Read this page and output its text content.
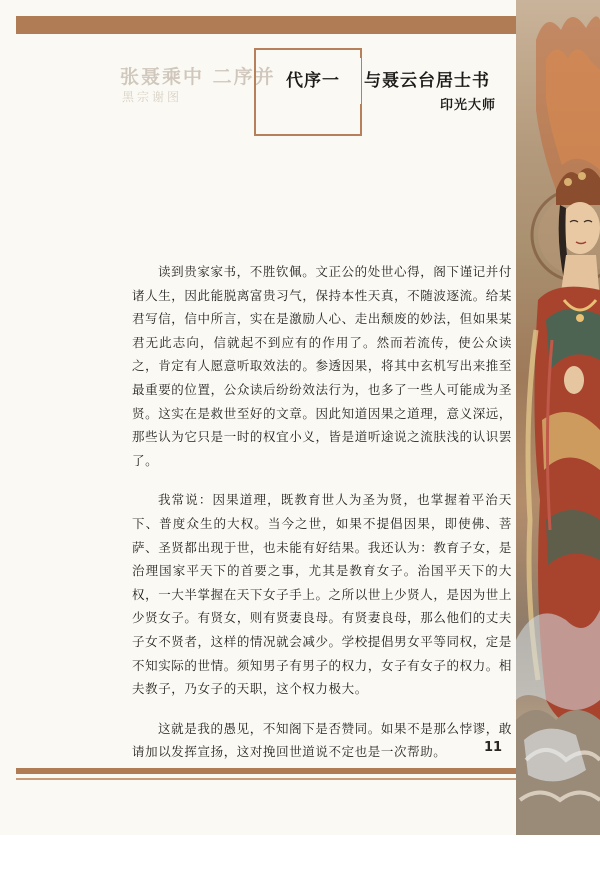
张聂乘中 二序并
黑宗谢图
代序一 与聂云台居士书
印光大师

读到贵家家书，不胜钦佩。文正公的处世心得，阁下谨记并付诸人生，因此能脱离富贵习气，保持本性天真，不随波逐流。给某君写信，信中所言，实在是激励人心、走出颓废的妙法，但如果某君无此志向，信就起不到应有的作用了。然而若流传，使公众读之，肯定有人愿意听取效法的。参透因果，将其中玄机写出来推至最重要的位置，公众读后纷纷效法行为，也多了一些人可能成为圣贤。这实在是救世至好的文章。因此知道因果之道理，意义深远，那些认为它只是一时的权宜小义，皆是道听途说之流肤浅的认识罢了。

我常说：因果道理，既教育世人为圣为贤，也掌握着平治天下、普度众生的大权。当今之世，如果不提倡因果，即使佛、菩萨、圣贤都出现于世，也未能有好结果。我还认为：教育子女，是治理国家平天下的首要之事，尤其是教育女子。治国平天下的大权，一大半掌握在天下女子手上。之所以世上少贤人，是因为世上少贤女子。有贤女，则有贤妻良母。有贤妻良母，那么他们的丈夫子女不贤者，这样的情况就会减少。学校提倡男女平等同权，定是不知实际的世情。须知男子有男子的权力，女子有女子的权力。相夫教子，乃女子的天职，这个权力极大。

这就是我的愚见，不知阁下是否赞同。如果不是那么悖谬，敢请加以发挥宣扬，这对挽回世道说不定也是一次帮助。	11
